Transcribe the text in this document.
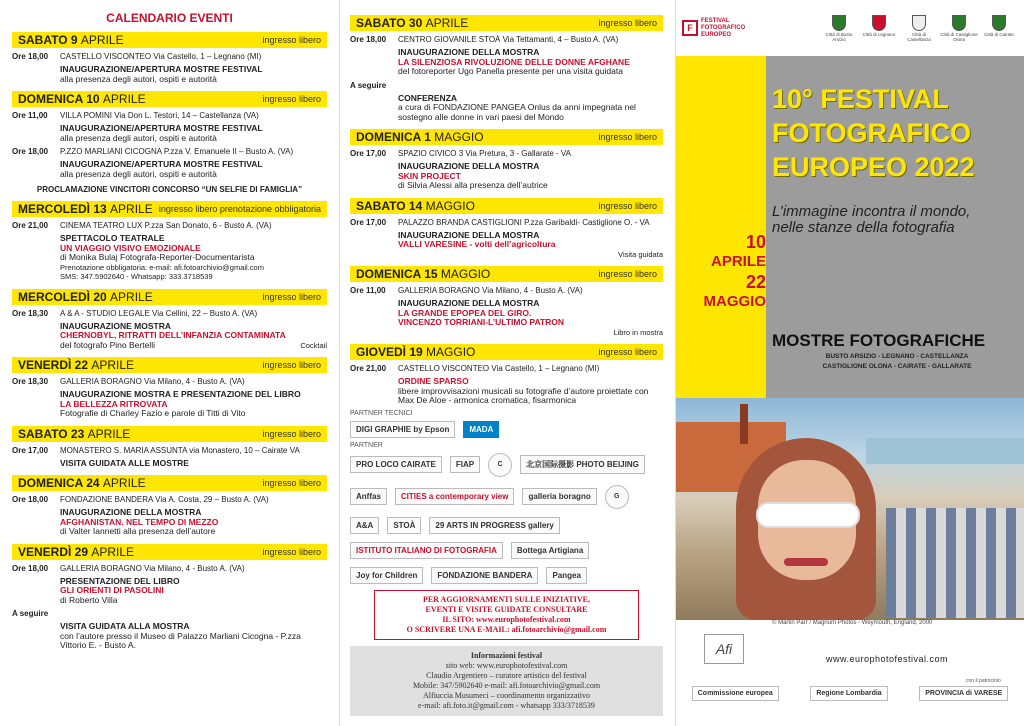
CALENDARIO EVENTI
SABATO 9 APRILE	ingresso libero
Ore 18,00	CASTELLO VISCONTEO Via Castello, 1 – Legnano (MI)
INAUGURAZIONE/APERTURA MOSTRE FESTIVAL
alla presenza degli autori, ospiti e autorità
DOMENICA 10 APRILE	ingresso libero
Ore 11,00	VILLA POMINI Via Don L. Testori, 14 – Castellanza (VA)
INAUGURAZIONE/APERTURA MOSTRE FESTIVAL
alla presenza degli autori, ospiti e autorità
Ore 18,00	P.ZZO MARLIANI CICOGNA P.zza V. Emanuele II – Busto A. (VA)
INAUGURAZIONE/APERTURA MOSTRE FESTIVAL
alla presenza degli autori, ospiti e autorità
PROCLAMAZIONE VINCITORI CONCORSO “UN SELFIE DI FAMIGLIA”
MERCOLEDÌ 13 APRILE ingresso libero prenotazione obbligatoria
Ore 21,00	CINEMA TEATRO LUX P.zza San Donato, 6 - Busto A. (VA)
SPETTACOLO TEATRALE
UN VIAGGIO VISIVO EMOZIONALE
di Monika Bulaj Fotografa-Reporter-Documentarista
Prenotazione obbligatoria: e-mail: afi.fotoarchivio@gmail.com
SMS: 347.5902640 - Whatsapp: 333.3718539
MERCOLEDÌ 20 APRILE	ingresso libero
Ore 18,30	A & A - STUDIO LEGALE Via Cellini, 22 – Busto A. (VA)
INAUGURAZIONE MOSTRA
CHERNOBYL, RITRATTI DELL’INFANZIA CONTAMINATA
del fotografo Pino Bertelli	Cocktail
VENERDÌ 22 APRILE	ingresso libero
Ore 18,30	GALLERIA BORAGNO Via Milano, 4 - Busto A. (VA)
INAUGURAZIONE MOSTRA E PRESENTAZIONE DEL LIBRO
LA BELLEZZA RITROVATA
Fotografie di Charley Fazio e parole di Titti di Vito
SABATO 23 APRILE	ingresso libero
Ore 17,00	MONASTERO S. MARIA ASSUNTA via Monastero, 10 – Cairate VA
VISITA GUIDATA ALLE MOSTRE
DOMENICA 24 APRILE	ingresso libero
Ore 18,00	FONDAZIONE BANDERA Via A. Costa, 29 – Busto A. (VA)
INAUGURAZIONE DELLA MOSTRA
AFGHANISTAN. NEL TEMPO DI MEZZO
di Valter Iannetti alla presenza dell’autore
VENERDÌ 29 APRILE	ingresso libero
Ore 18,00	GALLERIA BORAGNO Via Milano, 4 - Busto A. (VA)
PRESENTAZIONE DEL LIBRO
GLI ORIENTI DI PASOLINI
di Roberto Villa
A seguire
VISITA GUIDATA ALLA MOSTRA
con l’autore presso il Museo di Palazzo Marliani Cicogna - P.zza Vittorio E. - Busto A.
SABATO 30 APRILE	ingresso libero
Ore 18,00	CENTRO GIOVANILE STOÀ Via Tettamanti, 4 – Busto A. (VA)
INAUGURAZIONE DELLA MOSTRA
LA SILENZIOSA RIVOLUZIONE DELLE DONNE AFGHANE
del fotoreporter Ugo Panella presente per una visita guidata
A seguire
CONFERENZA
a cura di FONDAZIONE PANGEA Onlus da anni impegnata nel sostegno alle donne in vari paesi del Mondo
DOMENICA 1 MAGGIO	ingresso libero
Ore 17,00	SPAZIO CIVICO 3 Via Pretura, 3 - Gallarate - VA
INAUGURAZIONE DELLA MOSTRA
SKIN PROJECT
di Silvia Alessi alla presenza dell’autrice
SABATO 14 MAGGIO	ingresso libero
Ore 17,00	PALAZZO BRANDA CASTIGLIONI P.zza Garibaldi- Castiglione O. - VA
INAUGURAZIONE DELLA MOSTRA
VALLI VARESINE - volti dell’agricoltura
Visita guidata
DOMENICA 15 MAGGIO	ingresso libero
Ore 11,00	GALLERIA BORAGNO Via Milano, 4 - Busto A. (VA)
INAUGURAZIONE DELLA MOSTRA
LA GRANDE EPOPEA DEL GIRO.
VINCENZO TORRIANI-L’ULTIMO PATRON
Libro in mostra
GIOVEDÌ 19 MAGGIO	ingresso libero
Ore 21,00	CASTELLO VISCONTEO Via Castello, 1 – Legnano (MI)
ORDINE SPARSO
libere improvvisazioni musicali su fotografie d’autore proiettate con Max De Aloe - armonica cromatica, fisarmonica
PARTNER TECNICI
DIGI GRAPHIE by Epson	MADA
PARTNER
PRO LOCO CAIRATE	FIAP	C	北京国际摄影 PHOTO BEIJING
Anffas	CITIES a contemporary view	galleria boragno	G
A&A	STOÀ	29 ARTS IN PROGRESS gallery
ISTITUTO ITALIANO DI FOTOGRAFIA	Bottega Artigiana
Joy for Children	FONDAZIONE BANDERA	Pangea
PER AGGIORNAMENTI SULLE INIZIATIVE,
EVENTI E VISITE GUIDATE CONSULTARE
IL SITO: www.europhotofestival.com
O SCRIVERE UNA E-MAIL: afi.fotoarchivio@gmail.com
Informazioni festival
sito web: www.europhotofestival.com
Claudio Argentiero – curatore artistico del festival
Mobile: 347/5902640 e-mail: afi.fotoarchivio@gmail.com
Alfiuccia Musumeci – coordinamento organizzativo
e-mail: afi.foto.it@gmail.com - whatsapp 333/3718539
F
FESTIVAL
FOTOGRAFICO
EUROPEO	Città di Busto Arsizio
Città di Legnano	Città di Castellanza
Città di Castiglione Olona
Città di Cairate
10° FESTIVAL
FOTOGRAFICO
EUROPEO 2022
L’immagine incontra il mondo,
nelle stanze della fotografia
10
APRILE
22
MAGGIO
MOSTRE FOTOGRAFICHE
BUSTO ARSIZIO - LEGNANO - CASTELLANZA
CASTIGLIONE OLONA - CAIRATE - GALLARATE
© Martin Parr / Magnum Photos - Weymouth, England, 2000
Afi
www.europhotofestival.com
con il patrocinio
Commissione europea	Regione Lombardia	PROVINCIA di VARESE
